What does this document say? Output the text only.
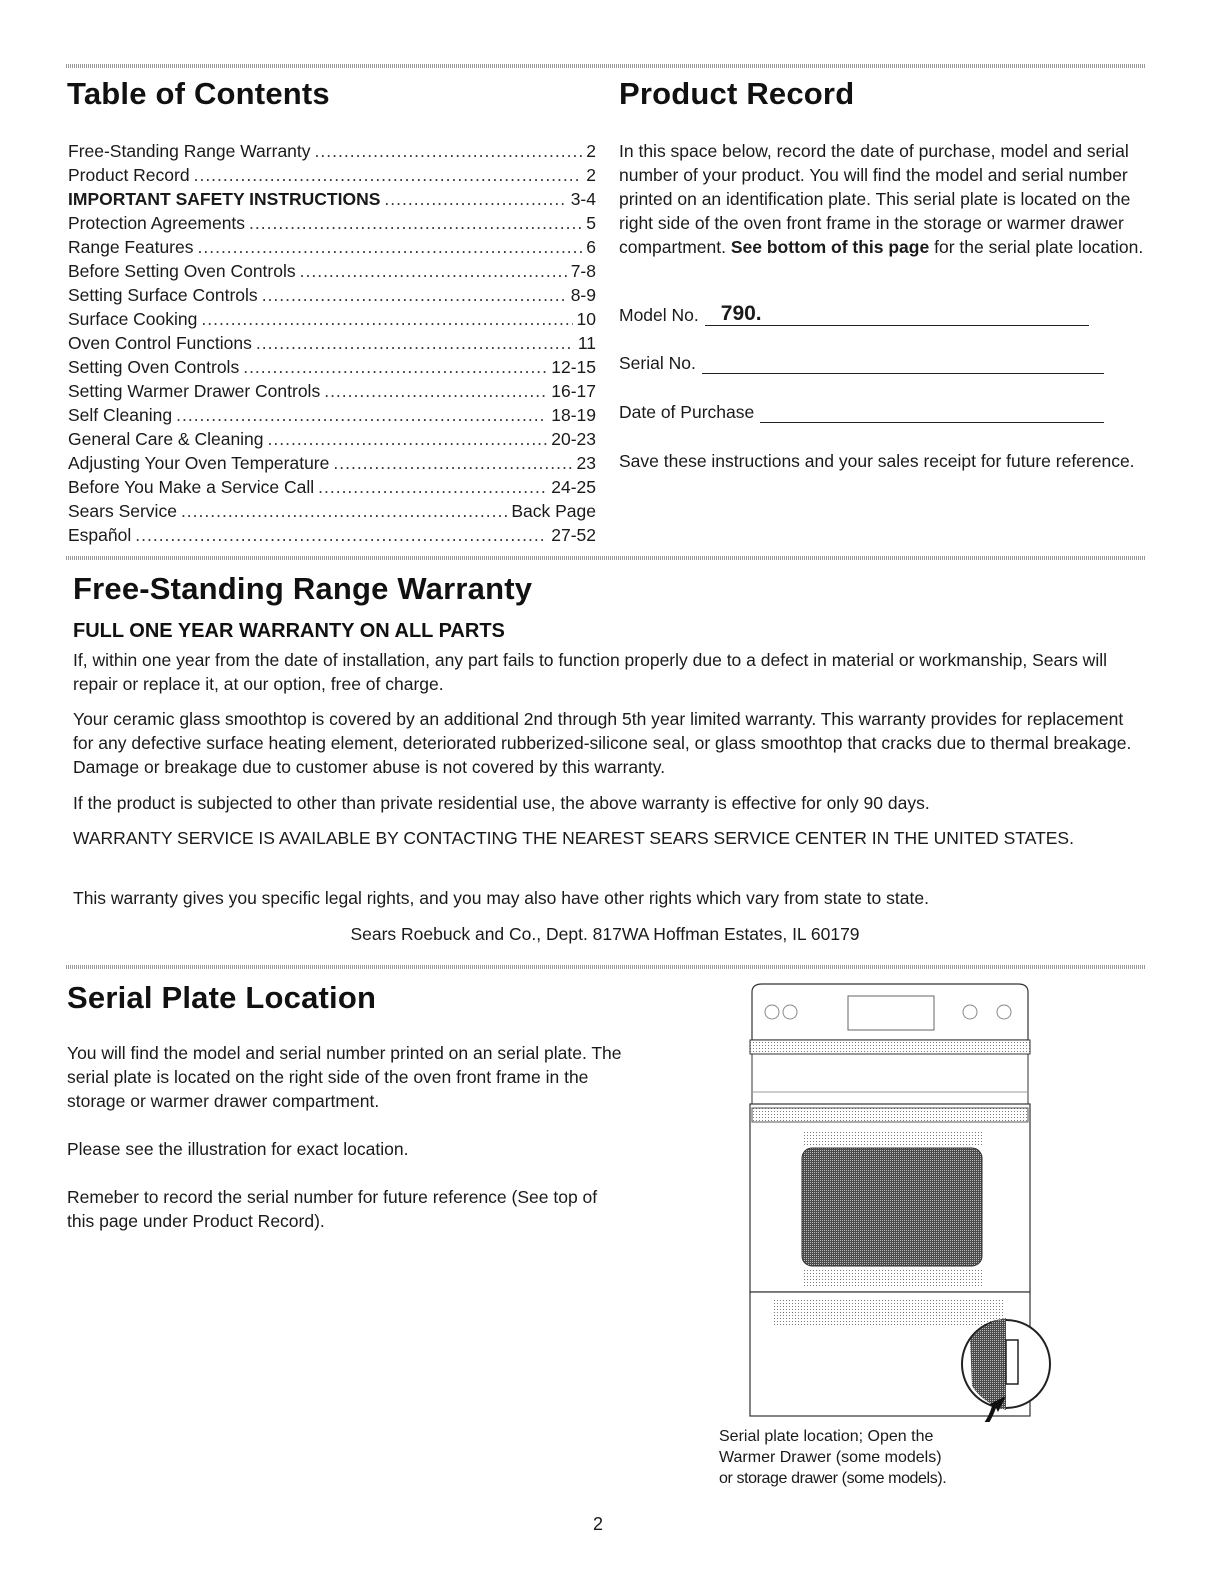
Table of Contents
Free-Standing Range Warranty .....	2
Product Record .....	2
IMPORTANT SAFETY INSTRUCTIONS .....	3-4
Protection Agreements .....	5
Range Features .....	6
Before Setting Oven Controls .....	7-8
Setting Surface Controls .....	8-9
Surface Cooking .....	10
Oven Control Functions .....	11
Setting Oven Controls .....	12-15
Setting Warmer Drawer Controls .....	16-17
Self Cleaning .....	18-19
General Care & Cleaning .....	20-23
Adjusting Your Oven Temperature .....	23
Before You Make a Service Call .....	24-25
Sears Service .....	Back Page
Español .....	27-52
Product Record
In this space below, record the date of purchase, model and serial number of your product. You will find the model and serial number printed on an identification plate. This serial plate is located on the right side of the oven front frame in the storage or warmer drawer compartment. See bottom of this page for the serial plate location.
Model No.	790.
Serial No.
Date of Purchase

Save these instructions and your sales receipt for future reference.

Free-Standing Range Warranty
FULL ONE YEAR WARRANTY ON ALL PARTS

If, within one year from the date of installation, any part fails to function properly due to a defect in material or workmanship, Sears will repair or replace it, at our option, free of charge.

Your ceramic glass smoothtop is covered by an additional 2nd through 5th year limited warranty. This warranty provides for replacement for any defective surface heating element, deteriorated rubberized-silicone seal, or glass smoothtop that cracks due to thermal breakage. Damage or breakage due to customer abuse is not covered by this warranty.

If the product is subjected to other than private residential use, the above warranty is effective for only 90 days.

WARRANTY SERVICE IS AVAILABLE BY CONTACTING THE NEAREST SEARS SERVICE CENTER IN THE UNITED STATES.

This warranty gives you specific legal rights, and you may also have other rights which vary from state to state.

Sears Roebuck and Co., Dept. 817WA Hoffman Estates, IL 60179

Serial Plate Location

You will find the model and serial number printed on an serial plate. The serial plate is located on the right side of the oven front frame in the storage or warmer drawer compartment.

Please see the illustration for exact location.

Remeber to record the serial number for future reference (See top of this page under Product Record).

Serial plate location; Open the
Warmer Drawer (some models)
or storage drawer (some models).
2
